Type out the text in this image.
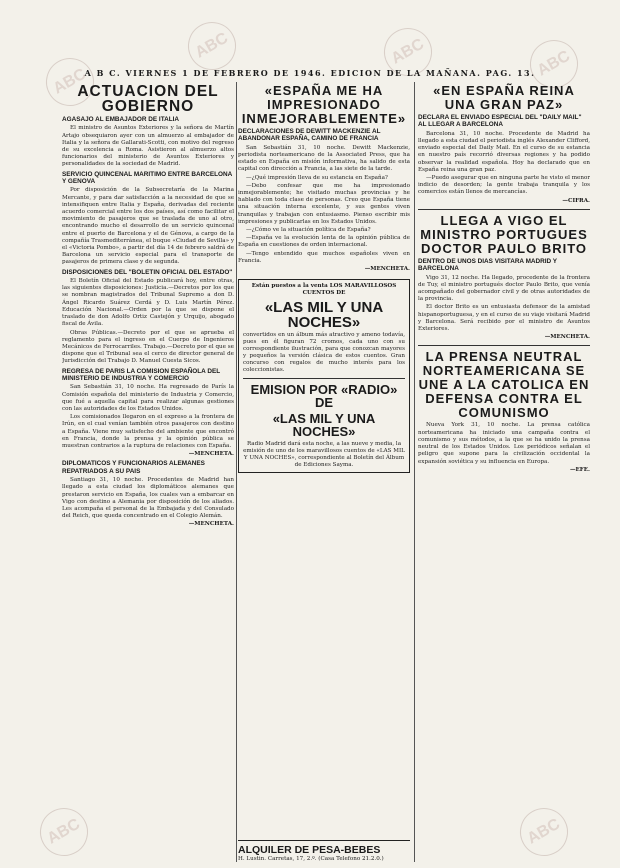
ABC
ABC	ABC	ABC
ABC	ABC
A B C. VIERNES 1 DE FEBRERO DE 1946. EDICION DE LA MAÑANA. PAG. 13.
ACTUACION DEL GOBIERNO
AGASAJO AL EMBAJADOR DE ITALIA

El ministro de Asuntos Exteriores y la señora de Martín Artajo obsequiaron ayer con un almuerzo al embajador de Italia y la señora de Gallarati-Scotti, con motivo del regreso de su excelencia a Roma. Asistieron al almuerzo altos funcionarios del ministerio de Asuntos Exteriores y personalidades de la sociedad de Madrid.

SERVICIO QUINCENAL MARITIMO ENTRE BARCELONA Y GENOVA

Por disposición de la Subsecretaría de la Marina Mercante, y para dar satisfacción a la necesidad de que se intensifiquen entre Italia y España, derivadas del reciente acuerdo comercial entre los dos países, así como facilitar el movimiento de pasajeros que se traslada de uno al otro, encontrando mucho el desarrollo de un servicio quincenal entre el puerto de Barcelona y el de Génova, a cargo de la compañía Trasmediterránea, el buque «Ciudad de Sevilla» y el «Victoria Pombo», a partir del día 14 de febrero saldrá de Barcelona un servicio especial para el transporte de pasajeros de primera clase y de segunda.

DISPOSICIONES DEL "BOLETIN OFICIAL DEL ESTADO"

El Boletín Oficial del Estado publicará hoy, entre otras, las siguientes disposiciones: Justicia.—Decretos por los que se nombran magistrados del Tribunal Supremo a don D. Ángel Ricardo Suárez Cerdá y D. Luis Martín Pérez. Educación Nacional.—Orden por la que se dispone el traslado de don Adolfo Ortiz Castejón y Urquijo, abogado fiscal de Ávila.

Obras Públicas.—Decreto por el que se aprueba el reglamento para el ingreso en el Cuerpo de Ingenieros Mecánicos de Ferrocarriles. Trabajo.—Decreto por el que se dispone que el Tribunal sea el cerco de director general de Jurisdicción del Trabajo D. Manuel Cuesta Sicos.

REGRESA DE PARIS LA COMISION ESPAÑOLA DEL MINISTERIO DE INDUSTRIA Y COMERCIO

San Sebastián 31, 10 noche. Ha regresado de París la Comisión española del ministerio de Industria y Comercio, que fué a aquella capital para realizar algunas gestiones con las autoridades de los Estados Unidos.

Los comisionados llegaron en el expreso a la frontera de Irún, en el cual venían también otros pasajeros con destino a España. Viene muy satisfecho del ambiente que encontró en Francia, donde la prensa y la opinión pública se muestran contrarios a la ruptura de relaciones con España.

—MENCHETA.
DIPLOMATICOS Y FUNCIONARIOS ALEMANES REPATRIADOS A SU PAIS

Santiago 31, 10 noche. Procedentes de Madrid han llegado a esta ciudad los diplomáticos alemanes que prestaron servicio en España, los cuales van a embarcar en Vigo con destino a Alemania por disposición de los aliados. Les acompaña el personal de la Embajada y del Consulado del Reich, que queda concentrado en el Colegio Alemán.

—MENCHETA.
«ESPAÑA ME HA IMPRESIONADO INMEJORABLEMENTE»
DECLARACIONES DE DEWITT MACKENZIE AL ABANDONAR ESPAÑA, CAMINO DE FRANCIA

San Sebastián 31, 10 noche. Dewitt Mackenzie, periodista norteamericano de la Associated Press, que ha estado en España en misión informativa, ha salido de esta capital con dirección a Francia, a las siete de la tarde.

—¿Qué impresión lleva de su estancia en España?

—Debo confesar que me ha impresionado inmejorablemente; he visitado muchas provincias y he hablado con toda clase de personas. Creo que España tiene una situación interna excelente, y sus gentes viven tranquilas y trabajan con entusiasmo. Pienso escribir mis impresiones y publicarlas en los Estados Unidos.

—¿Cómo ve la situación política de España?

—España ve la evolución lenta de la opinión pública de España en cuestiones de orden internacional.

—Tengo entendido que muchos españoles viven en Francia.

—MENCHETA.
Están puestos a la venta LOS MARAVILLOSOS CUENTOS DE
«LAS MIL Y UNA NOCHES»
convertidos en un álbum más atractivo y ameno todavía, pues en él figuran 72 cromos, cada uno con su correspondiente ilustración, para que conozcan mayores y pequeños la versión clásica de estos cuentos. Gran concurso con regalos de mucho interés para los coleccionistas.
EMISION POR «RADIO» DE
«LAS MIL Y UNA NOCHES»
Radio Madrid dará esta noche, a las nueve y media, la emisión de uno de los maravillosos cuentos de «LAS MIL Y UNA NOCHES», correspondiente al Boletín del Álbum de Ediciones Sayma.
«EN ESPAÑA REINA UNA GRAN PAZ»
DECLARA EL ENVIADO ESPECIAL DEL "DAILY MAIL" AL LLEGAR A BARCELONA

Barcelona 31, 10 noche. Procedente de Madrid ha llegado a esta ciudad el periodista inglés Alexander Clifford, enviado especial del Daily Mail. En el curso de su estancia en nuestro país recorrió diversas regiones y ha podido observar la realidad española. Hoy ha declarado que en España reina una gran paz.

—Puedo asegurar que en ninguna parte he visto el menor indicio de desorden; la gente trabaja tranquila y los comercios están llenos de mercancías.

—CIFRA.
LLEGA A VIGO EL MINISTRO PORTUGUES DOCTOR PAULO BRITO
DENTRO DE UNOS DIAS VISITARA MADRID Y BARCELONA

Vigo 31, 12 noche. Ha llegado, procedente de la frontera de Tuy, el ministro portugués doctor Paulo Brito, que venía acompañado del gobernador civil y de otras autoridades de la provincia.

El doctor Brito es un entusiasta defensor de la amistad hispanoportuguesa, y en el curso de su viaje visitará Madrid y Barcelona. Será recibido por el ministro de Asuntos Exteriores.

—MENCHETA.
LA PRENSA NEUTRAL NORTEAMERICANA SE UNE A LA CATOLICA EN DEFENSA CONTRA EL COMUNISMO

Nueva York 31, 10 noche. La prensa católica norteamericana ha iniciado una campaña contra el comunismo y sus métodos, a la que se ha unido la prensa neutral de los Estados Unidos. Los periódicos señalan el peligro que supone para la civilización occidental la expansión soviética y su influencia en Europa.

—EFE.
ALQUILER DE PESA-BEBES
H. Lustin. Carretas, 17, 2.º. (Casa Telefono 21.2.0.)
